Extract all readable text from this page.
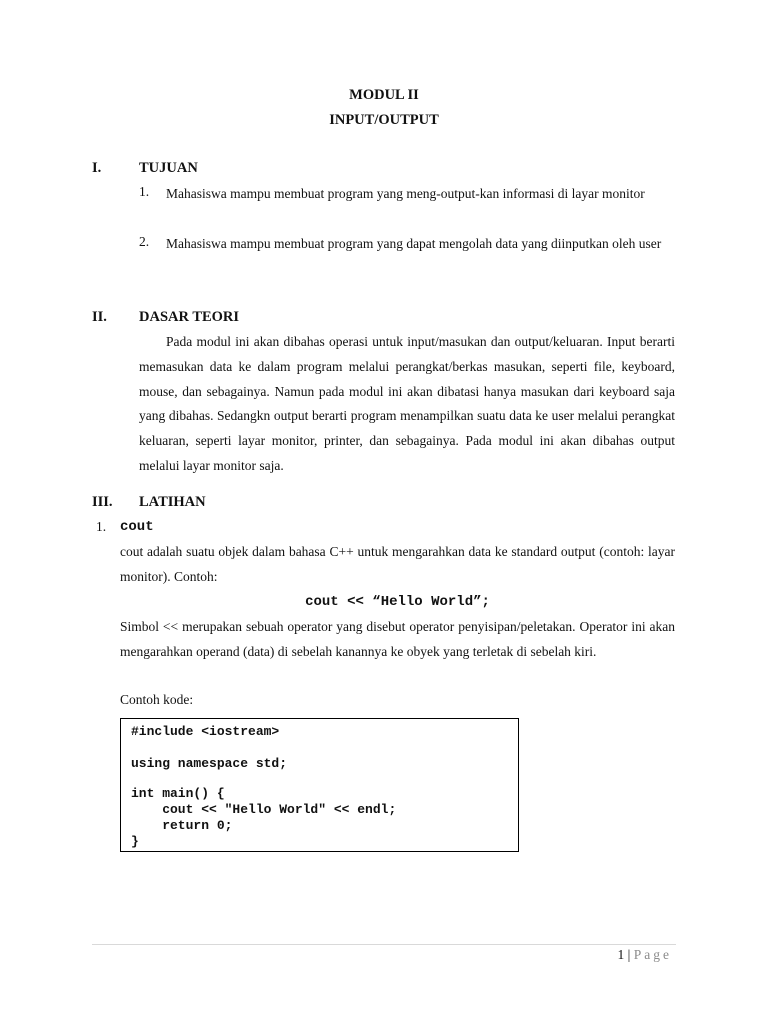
MODUL II
INPUT/OUTPUT
I.	TUJUAN
1. Mahasiswa mampu membuat program yang meng-output-kan informasi di layar monitor
2. Mahasiswa mampu membuat program yang dapat mengolah data yang diinputkan oleh user
II. DASAR TEORI
Pada modul ini akan dibahas operasi untuk input/masukan dan output/keluaran. Input berarti memasukan data ke dalam program melalui perangkat/berkas masukan, seperti file, keyboard, mouse, dan sebagainya. Namun pada modul ini akan dibatasi hanya masukan dari keyboard saja yang dibahas. Sedangkn output berarti program menampilkan suatu data ke user melalui perangkat keluaran, seperti layar monitor, printer, dan sebagainya. Pada modul ini akan dibahas output melalui layar monitor saja.
III. LATIHAN
1. cout
cout adalah suatu objek dalam bahasa C++ untuk mengarahkan data ke standard output (contoh: layar monitor). Contoh:
cout << “Hello World”;
Simbol << merupakan sebuah operator yang disebut operator penyisipan/peletakan. Operator ini akan mengarahkan operand (data) di sebelah kanannya ke obyek yang terletak di sebelah kiri.
Contoh kode:
#include <iostream>
using namespace std;
int main() {
cout << "Hello World" << endl;
return 0;
}
1 | Page
